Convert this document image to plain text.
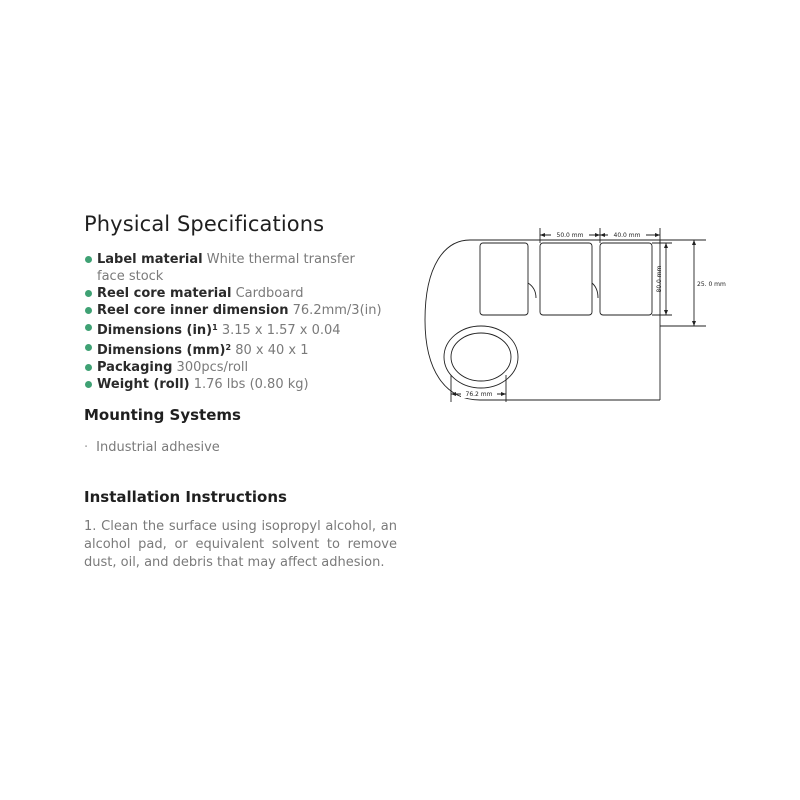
Physical Specifications
Label material White thermal transfer face stock
Reel core material Cardboard
Reel core inner dimension 76.2mm/3(in)
Dimensions (in)$^1$ 3.15 x 1.57 x 0.04
Dimensions (mm)$^2$ 80 x 40 x 1
Packaging 300pcs/roll
Weight (roll) 1.76 lbs (0.80 kg)
Mounting Systems
· Industrial adhesive
Installation Instructions

1. Clean the surface using isopropyl alcohol, an alcohol pad, or equivalent solvent to remove dust, oil, and debris that may affect adhesion.

50.0 mm	40.0 mm
80.0 mm	25. 0 mm
76.2 mm
